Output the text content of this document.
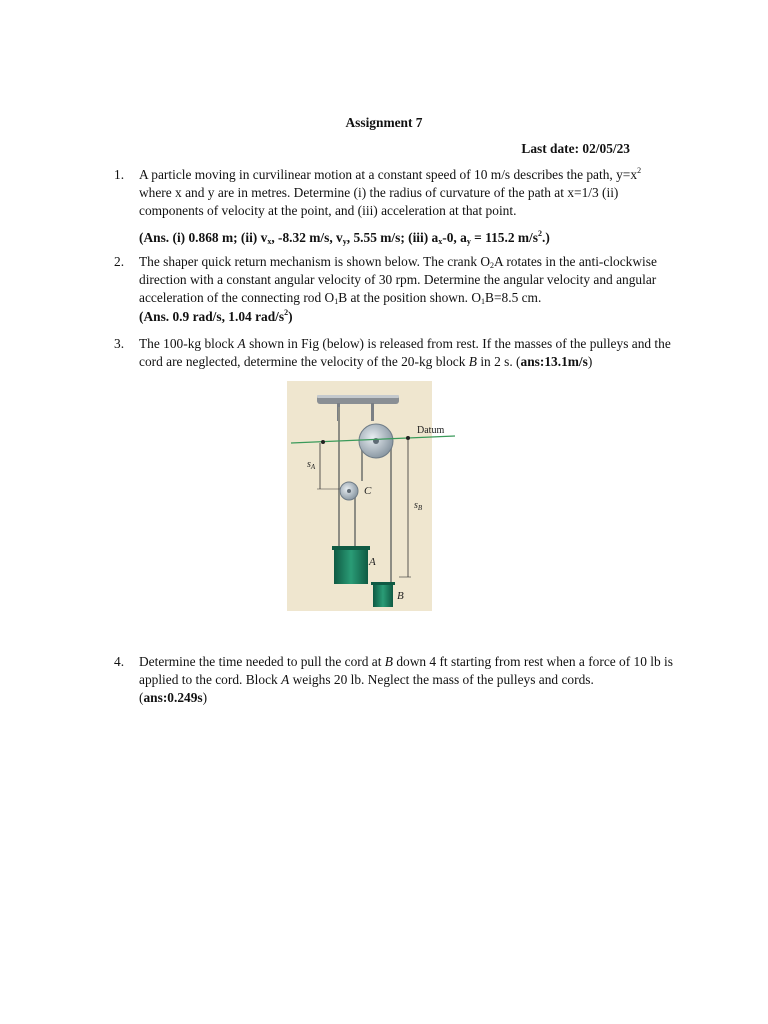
Assignment 7
Last date: 02/05/23
1.	A particle moving in curvilinear motion at a constant speed of 10 m/s describes the path, $y=x^2$ where x and y are in metres. Determine (i) the radius of curvature of the path at x=1/3 (ii) components of velocity at the point, and (iii) acceleration at that point.
(Ans. (i) 0.868 m; (ii) $v_x$, -8.32 m/s, $v_y$, 5.55 m/s; (iii) $a_x-0$, $a_y = 115.2$ $m/s^2$.)
2.	The shaper quick return mechanism is shown below. The crank $O_2A$ rotates in the anti-clockwise direction with a constant angular velocity of 30 rpm. Determine the angular velocity and angular acceleration of the connecting rod $O_1B$ at the position shown. $O_1B=8.5$ cm.
(Ans. 0.9 rad/s, 1.04 rad/$s^2$)
3.	The 100-kg block A shown in Fig (below) is released from rest. If the masses of the pulleys and the cord are neglected, determine the velocity of the 20-kg block B in 2 s. (ans:13.1m/s)
Datum
$s_A$
C
$s_B$
A
B
4.	Determine the time needed to pull the cord at B down 4 ft starting from rest when a force of 10 lb is applied to the cord. Block A weighs 20 lb. Neglect the mass of the pulleys and cords.
(ans:0.249s)
